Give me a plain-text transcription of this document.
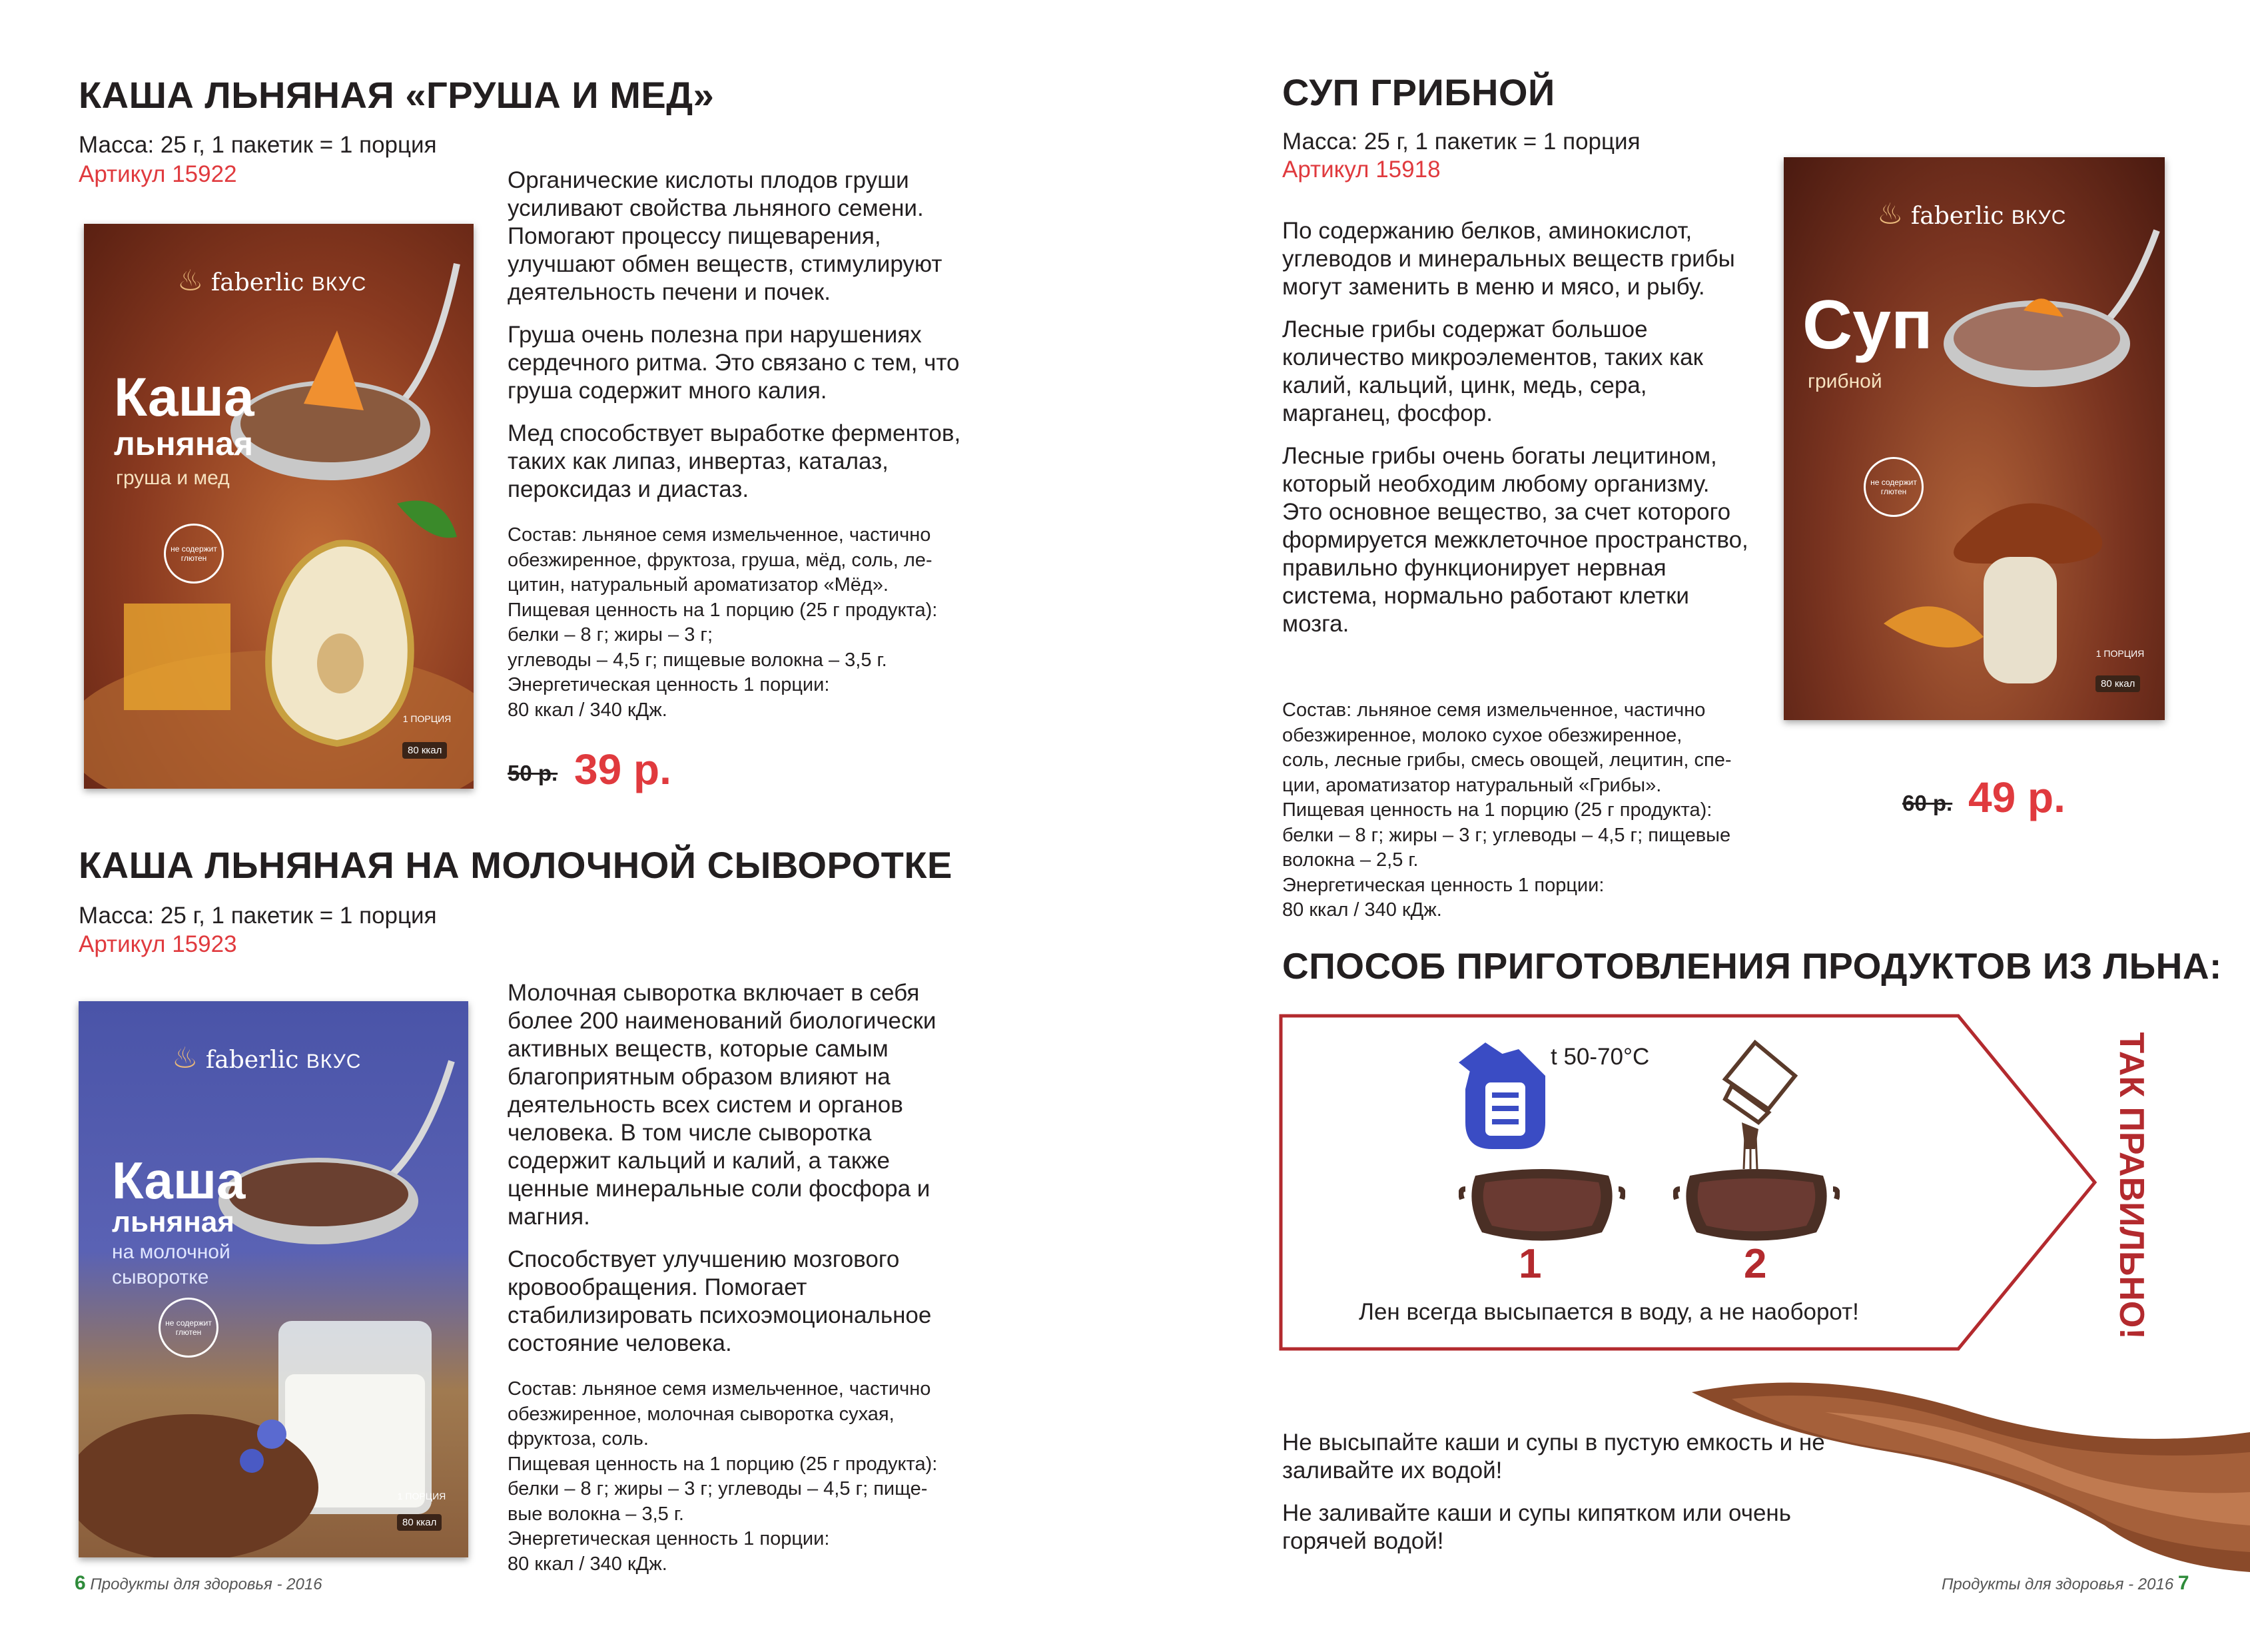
КАША ЛЬНЯНАЯ «ГРУША И МЕД»
Масса: 25 г, 1 пакетик = 1 порция
Артикул 15922
♨ faberlic ВКУС
Каша
льняная
груша и мед
не содержит глютен
1 ПОРЦИЯ
80 ккал

Органические кислоты плодов груши усиливают свойства льняного семени. Помогают процессу пищеварения, улучшают обмен веществ, стимулируют деятельность печени и почек.

Груша очень полезна при нарушениях сердечного ритма. Это связано с тем, что груша содержит много калия.

Мед способствует выработке ферментов, таких как липаз, инвертаз, каталаз, пероксидаз и диастаз.

Состав: льняное семя измельченное, частично
обезжиренное, фруктоза, груша, мёд, соль, ле-
цитин, натуральный ароматизатор «Мёд».
Пищевая ценность на 1 порцию (25 г продукта):
белки – 8 г; жиры – 3 г;
углеводы – 4,5 г; пищевые волокна – 3,5 г.
Энергетическая ценность 1 порции:
80 ккал / 340 кДж.
50 р. 39 р.
КАША ЛЬНЯНАЯ НА МОЛОЧНОЙ СЫВОРОТКЕ
Масса: 25 г, 1 пакетик = 1 порция
Артикул 15923
♨ faberlic ВКУС
Каша
льняная
на молочной
сыворотке
не содержит глютен
1 ПОРЦИЯ
80 ккал

Молочная сыворотка включает в себя более 200 наименований биологически активных веществ, которые самым благоприятным образом влияют на деятельность всех систем и органов человека. В том числе сыворотка содержит кальций и калий, а также ценные минеральные соли фосфора и магния.

Способствует улучшению мозгового кровообращения. Помогает стабилизировать психоэмоциональное состояние человека.

Состав: льняное семя измельченное, частично
обезжиренное, молочная сыворотка сухая,
фруктоза, соль.
Пищевая ценность на 1 порцию (25 г продукта):
белки – 8 г; жиры – 3 г; углеводы – 4,5 г; пище-
вые волокна – 3,5 г.
Энергетическая ценность 1 порции:
80 ккал / 340 кДж.
6 Продукты для здоровья - 2016
СУП ГРИБНОЙ
Масса: 25 г, 1 пакетик = 1 порция
Артикул 15918

По содержанию белков, аминокислот, углеводов и минеральных веществ грибы могут заменить в меню и мясо, и рыбу.

Лесные грибы содержат большое количество микроэлементов, таких как калий, кальций, цинк, медь, сера, марганец, фосфор.

Лесные грибы очень богаты лецитином, который необходим любому организму. Это основное вещество, за счет которого формируется межклеточное пространство, правильно функционирует нервная система, нормально работают клетки мозга.

Состав: льняное семя измельченное, частично
обезжиренное, молоко сухое обезжиренное,
соль, лесные грибы, смесь овощей, лецитин, спе-
ции, ароматизатор натуральный «Грибы».
Пищевая ценность на 1 порцию (25 г продукта):
белки – 8 г; жиры – 3 г; углеводы – 4,5 г; пищевые
волокна – 2,5 г.
Энергетическая ценность 1 порции:
80 ккал / 340 кДж.
♨ faberlic ВКУС
Суп
грибной
не содержит глютен
1 ПОРЦИЯ
80 ккал
60 р. 49 р.
СПОСОБ ПРИГОТОВЛЕНИЯ ПРОДУКТОВ ИЗ ЛЬНА:
t 50-70°C
1	2
Лен всегда высыпается в воду, а не наоборот!	ТАК ПРАВИЛЬНО!

Не высыпайте каши и супы в пустую емкость и не заливайте их водой!

Не заливайте каши и супы кипятком или очень горячей водой!

Продукты для здоровья - 2016 7
